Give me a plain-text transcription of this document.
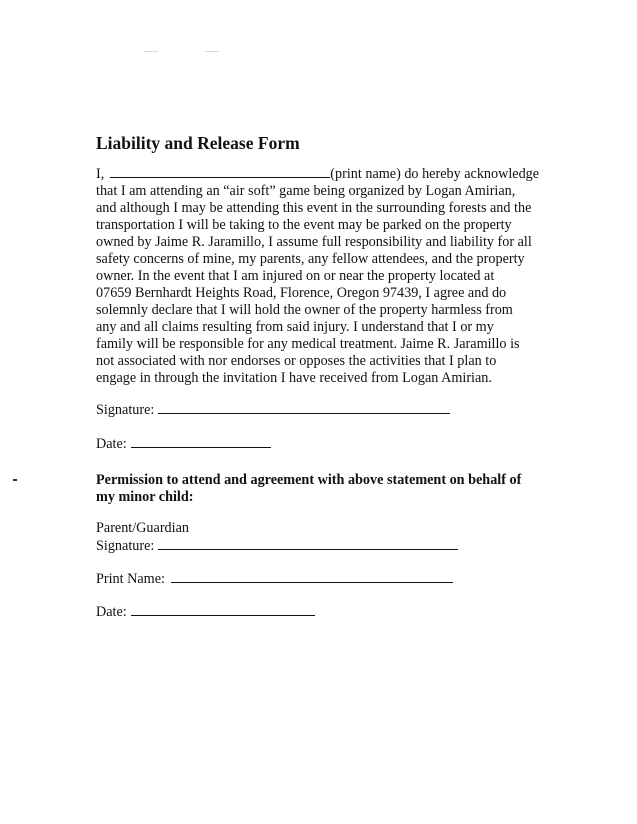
Liability and Release Form
I,	(print name) do hereby acknowledge
that I am attending an “air soft” game being organized by Logan Amirian,
and although I may be attending this event in the surrounding forests and the
transportation I will be taking to the event may be parked on the property
owned by Jaime R. Jaramillo, I assume full responsibility and liability for all
safety concerns of mine, my parents, any fellow attendees, and the property
owner. In the event that I am injured on or near the property located at
07659 Bernhardt Heights Road, Florence, Oregon 97439, I agree and do
solemnly declare that I will hold the owner of the property harmless from
any and all claims resulting from said injury. I understand that I or my
family will be responsible for any medical treatment. Jaime R. Jaramillo is
not associated with nor endorses or opposes the activities that I plan to
engage in through the invitation I have received from Logan Amirian.
Signature:
Date:
Permission to attend and agreement with above statement on behalf of
my minor child:
Parent/Guardian
Signature:
Print Name:
Date:
